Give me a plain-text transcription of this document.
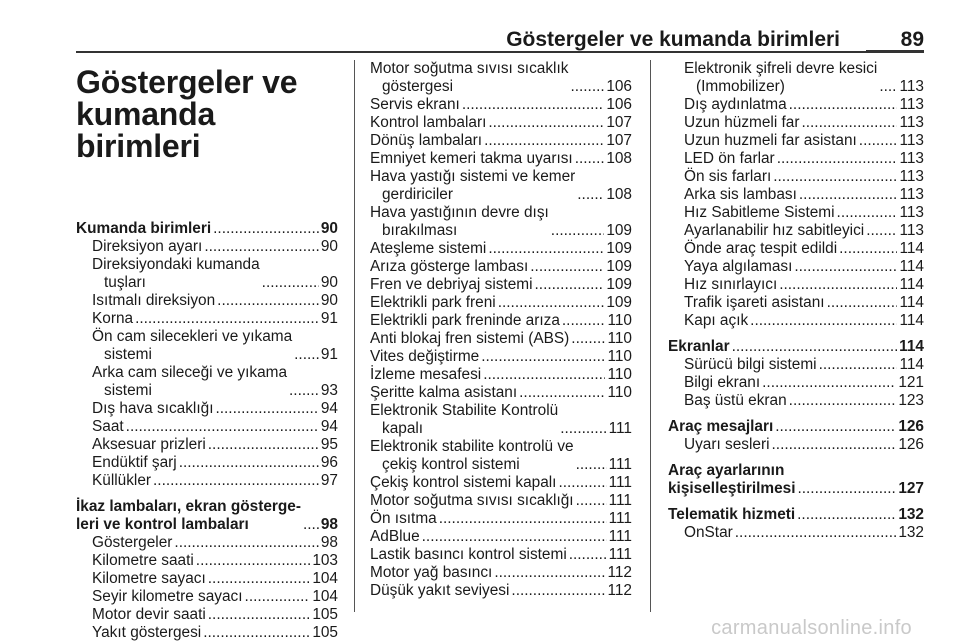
Göstergeler ve kumanda birimleri	89
Göstergeler ve
kumanda birimleri
Kumanda birimleri .....	90
Direksiyon ayarı .....	90
Direksiyondaki kumanda
tuşları .....	90
Isıtmalı direksiyon .....	90
Korna .....	91
Ön cam silecekleri ve yıkama
sistemi .....	91
Arka cam sileceği ve yıkama
sistemi .....	93
Dış hava sıcaklığı .....	94
Saat .....	94
Aksesuar prizleri .....	95
Endüktif şarj .....	96
Küllükler .....	97
İkaz lambaları, ekran gösterge-
leri ve kontrol lambaları .....	98
Göstergeler .....	98
Kilometre saati .....	103
Kilometre sayacı .....	104
Seyir kilometre sayacı .....	104
Motor devir saati .....	105
Yakıt göstergesi .....	105
Motor soğutma sıvısı sıcaklık
göstergesi .....	106
Servis ekranı .....	106
Kontrol lambaları .....	107
Dönüş lambaları .....	107
Emniyet kemeri takma uyarısı ..... 108
Hava yastığı sistemi ve kemer
gerdiriciler .....	108
Hava yastığının devre dışı
bırakılması .....	109
Ateşleme sistemi .....	109
Arıza gösterge lambası .....	109
Fren ve debriyaj sistemi .....	109
Elektrikli park freni .....	109
Elektrikli park freninde arıza .....	110
Anti blokaj fren sistemi (ABS) ..... 110
Vites değiştirme .....	110
İzleme mesafesi .....	110
Şeritte kalma asistanı .....	110
Elektronik Stabilite Kontrolü
kapalı .....	111
Elektronik stabilite kontrolü ve
çekiş kontrol sistemi .....	111
Çekiş kontrol sistemi kapalı .....	111
Motor soğutma sıvısı sıcaklığı ..... 111
Ön ısıtma .....	111
AdBlue .....	111
Lastik basıncı kontrol sistemi .....	111
Motor yağ basıncı .....	112
Düşük yakıt seviyesi .....	112
Elektronik şifreli devre kesici
(Immobilizer) .....	113
Dış aydınlatma .....	113
Uzun hüzmeli far .....	113
Uzun huzmeli far asistanı .....	113
LED ön farlar .....	113
Ön sis farları .....	113
Arka sis lambası .....	113
Hız Sabitleme Sistemi .....	113
Ayarlanabilir hız sabitleyici ..... 113
Önde araç tespit edildi .....	114
Yaya algılaması .....	114
Hız sınırlayıcı .....	114
Trafik işareti asistanı .....	114
Kapı açık .....	114
Ekranlar .....	114
Sürücü bilgi sistemi .....	114
Bilgi ekranı .....	121
Baş üstü ekran .....	123
Araç mesajları .....	126
Uyarı sesleri .....	126
Araç ayarlarının
kişiselleştirilmesi .....	127
Telematik hizmeti .....	132
OnStar .....	132
carmanualsonline.info
